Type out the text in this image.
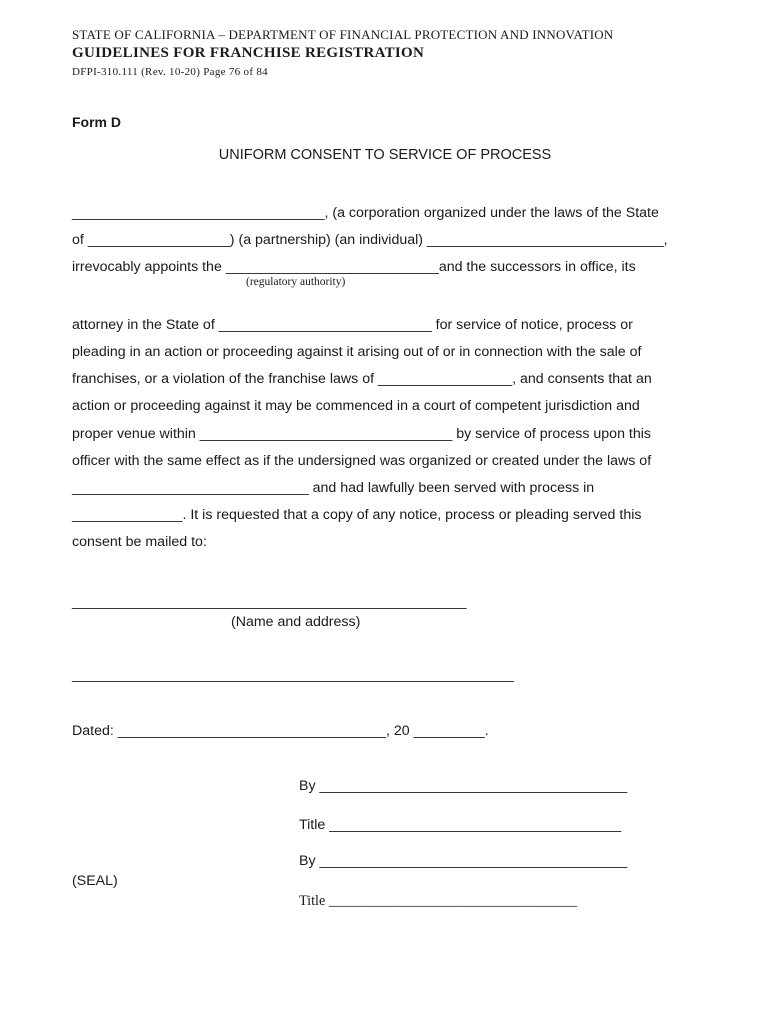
STATE OF CALIFORNIA – DEPARTMENT OF FINANCIAL PROTECTION AND INNOVATION
GUIDELINES FOR FRANCHISE REGISTRATION
DFPI-310.111 (Rev. 10-20) Page 76 of 84
Form D
UNIFORM CONSENT TO SERVICE OF PROCESS
________________________________, (a corporation organized under the laws of the State
of __________________) (a partnership) (an individual) ______________________________,
irrevocably appoints the ___________________________and the successors in office, its
(regulatory authority)
attorney in the State of ___________________________ for service of notice, process or
pleading in an action or proceeding against it arising out of or in connection with the sale of
franchises, or a violation of the franchise laws of _________________, and consents that an
action or proceeding against it may be commenced in a court of competent jurisdiction and
proper venue within ________________________________ by service of process upon this
officer with the same effect as if the undersigned was organized or created under the laws of
______________________________ and had lawfully been served with process in
______________. It is requested that a copy of any notice, process or pleading served this
consent be mailed to:
__________________________________________________
(Name and address)
________________________________________________________
Dated: __________________________________, 20 _________.
By _______________________________________
Title _____________________________________
By _______________________________________
(SEAL)
Title ___________________________________
